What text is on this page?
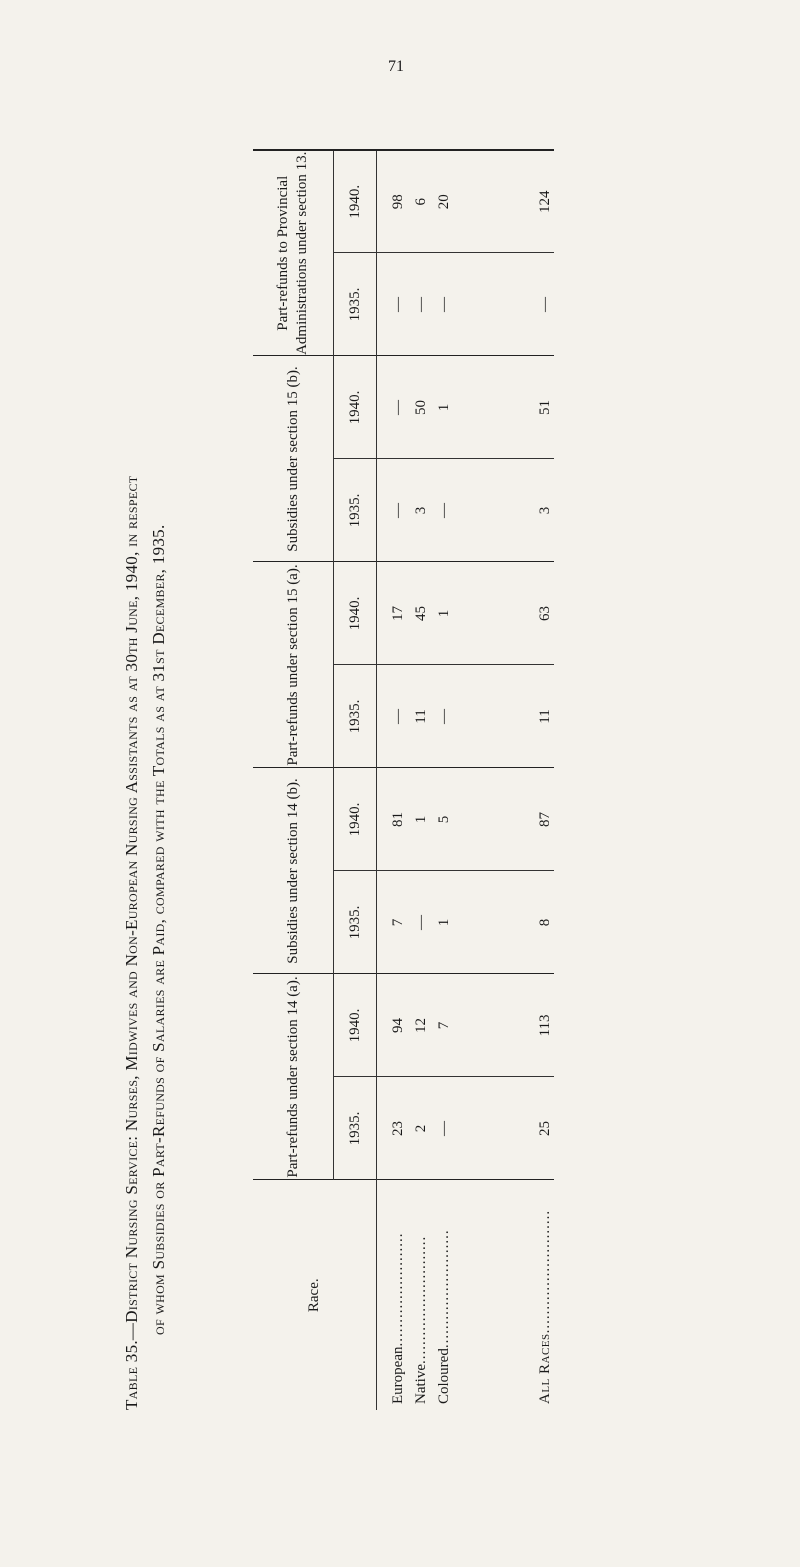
71
Table 35.—District Nursing Service: Nurses, Midwives and Non-European Nursing Assistants as at 30th June, 1940, in respect of whom Subsidies or Part-Refunds of Salaries are Paid, compared with the Totals as at 31st December, 1935.	Race.	Part-refunds under section 14 (a).		Subsidies under section 14 (b).		Part-refunds under section 15 (a).		Subsidies under section 15 (b).		Part-refunds to Provincial Administrations under section 13.	
	1935.	1940.	1935.	1940.	1935.	1940.	1935.	1940.	1935.	1940.
European........................	23	94	7	81	—	17	—	—	—	98
Native...........................	2	12	—	1	11	45	3	50	—	6
Coloured.........................	—	7	1	5	—	1	—	1	—	20
All Races..........................	25	113	8	87	11	63	3	51	—	124
